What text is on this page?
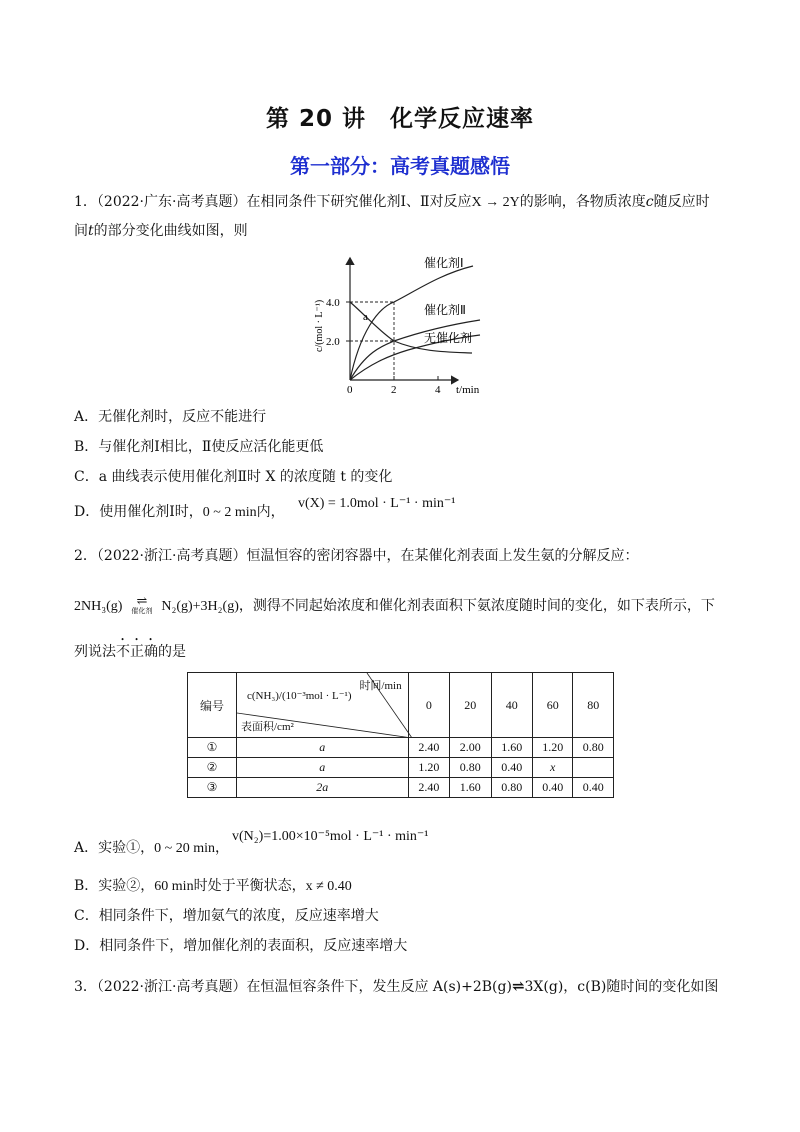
第 20 讲　化学反应速率
第一部分：高考真题感悟
1．（2022·广东·高考真题）在相同条件下研究催化剂Ⅰ、Ⅱ对反应X → 2Y的影响，各物质浓度c随反应时
间t的部分变化曲线如图，则
4.0
2.0
0	2	4 t/min
c/(mol · L⁻¹)
催化剂Ⅰ
催化剂Ⅱ
无催化剂
a
A．无催化剂时，反应不能进行
B．与催化剂Ⅰ相比，Ⅱ使反应活化能更低
C．a 曲线表示使用催化剂Ⅱ时 X 的浓度随 t 的变化
D．使用催化剂Ⅰ时，0 ~ 2 min内，
v(X) = 1.0mol · L⁻¹ · min⁻¹
2．（2022·浙江·高考真题）恒温恒容的密闭容器中，在某催化剂表面上发生氨的分解反应：
2NH₃(g)	⇌
催化剂 N₂(g)+3H₂(g)，测得不同起始浓度和催化剂表面积下氨浓度随时间的变化，如下表所示，下
列说法不正确的是
编号	时间/min
c(NH₃)/(10⁻³mol · L⁻¹)
表面积/cm²	0	20	40	60	80
①	a	2.40	2.00	1.60	1.20	0.80
②	a	1.20	0.80	0.40	x	
③	2a	2.40	1.60	0.80	0.40	0.40
A．实验①，0 ~ 20 min，
v(N₂)=1.00×10⁻⁵mol · L⁻¹ · min⁻¹
B．实验②，60 min时处于平衡状态，x ≠ 0.40
C．相同条件下，增加氨气的浓度，反应速率增大
D．相同条件下，增加催化剂的表面积，反应速率增大
3．（2022·浙江·高考真题）在恒温恒容条件下，发生反应 A(s)+2B(g)⇌3X(g)，c(B)随时间的变化如图
